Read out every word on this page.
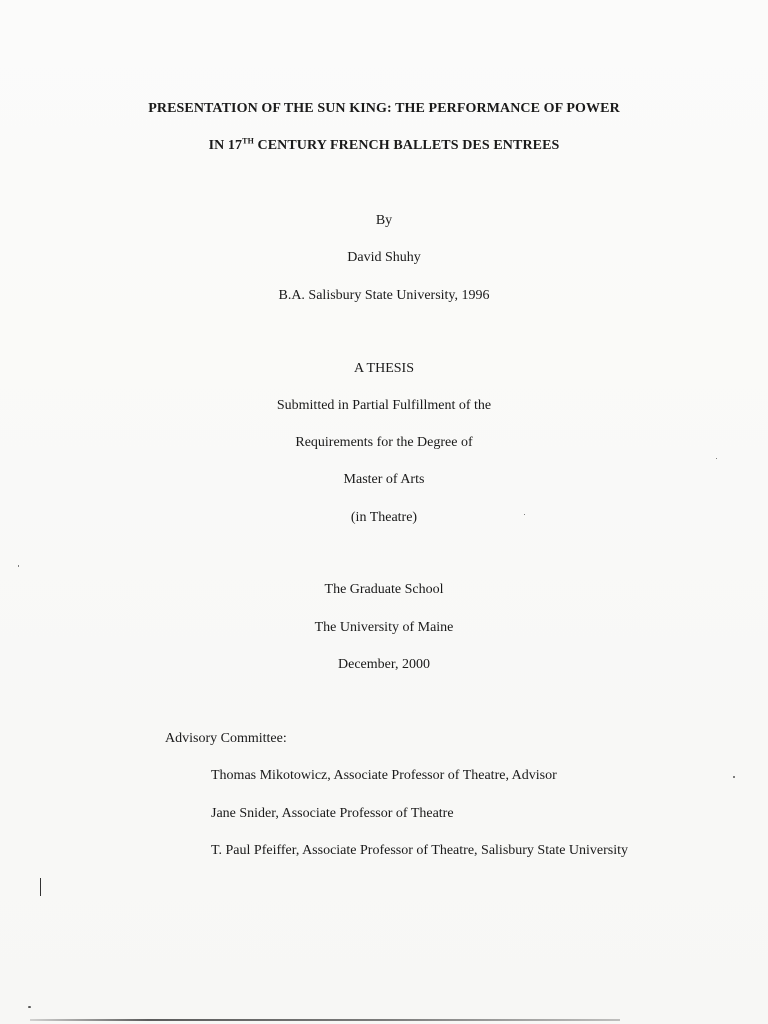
PRESENTATION OF THE SUN KING: THE PERFORMANCE OF POWER
IN 17TH CENTURY FRENCH BALLETS DES ENTREES
By
David Shuhy
B.A. Salisbury State University, 1996
A THESIS
Submitted in Partial Fulfillment of the
Requirements for the Degree of
Master of Arts
(in Theatre)
The Graduate School
The University of Maine
December, 2000
Advisory Committee:
Thomas Mikotowicz, Associate Professor of Theatre, Advisor
Jane Snider, Associate Professor of Theatre
T. Paul Pfeiffer, Associate Professor of Theatre, Salisbury State University
